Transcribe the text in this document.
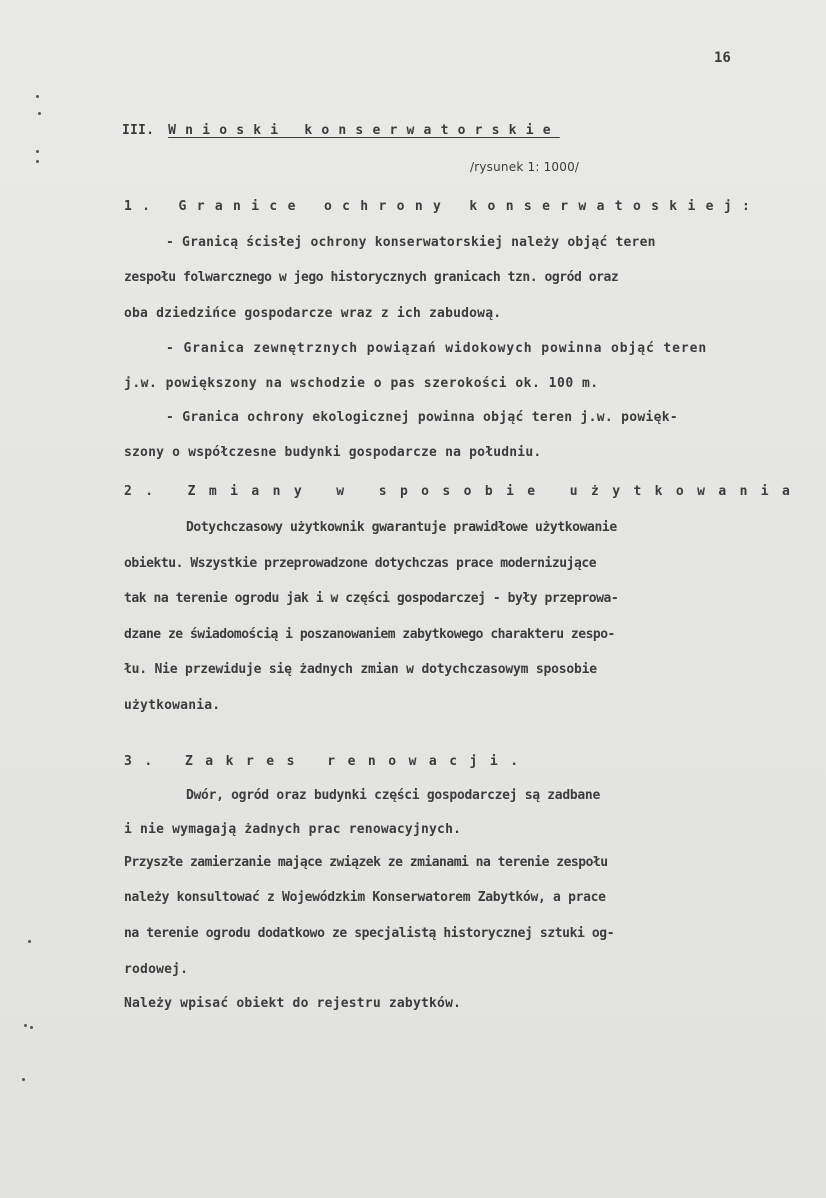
16
III. Wnioski konserwatorskie
/rysunek 1: 1000/
1. Granice ochrony konserwatoskiej:
- Granicą ścisłej ochrony konserwatorskiej należy objąć teren
zespołu folwarcznego w jego historycznych granicach tzn. ogród oraz
oba dziedzińce gospodarcze wraz z ich zabudową.
- Granica zewnętrznych powiązań widokowych powinna objąć teren
j.w. powiększony na wschodzie o pas szerokości ok. 100 m.
- Granica ochrony ekologicznej powinna objąć teren j.w. powięk-
szony o współczesne budynki gospodarcze na południu.
2. Zmiany w sposobie użytkowania
Dotychczasowy użytkownik gwarantuje prawidłowe użytkowanie
obiektu. Wszystkie przeprowadzone dotychczas prace modernizujące
tak na terenie ogrodu jak i w części gospodarczej - były przeprowa-
dzane ze świadomością i poszanowaniem zabytkowego charakteru zespo-
łu. Nie przewiduje się żadnych zmian w dotychczasowym sposobie
użytkowania.
3. Zakres renowacji.
Dwór, ogród oraz budynki części gospodarczej są zadbane
i nie wymagają żadnych prac renowacyjnych.
Przyszłe zamierzanie mające związek ze zmianami na terenie zespołu
należy konsultować z Wojewódzkim Konserwatorem Zabytków, a prace
na terenie ogrodu dodatkowo ze specjalistą historycznej sztuki og-
rodowej.
Należy wpisać obiekt do rejestru zabytków.
